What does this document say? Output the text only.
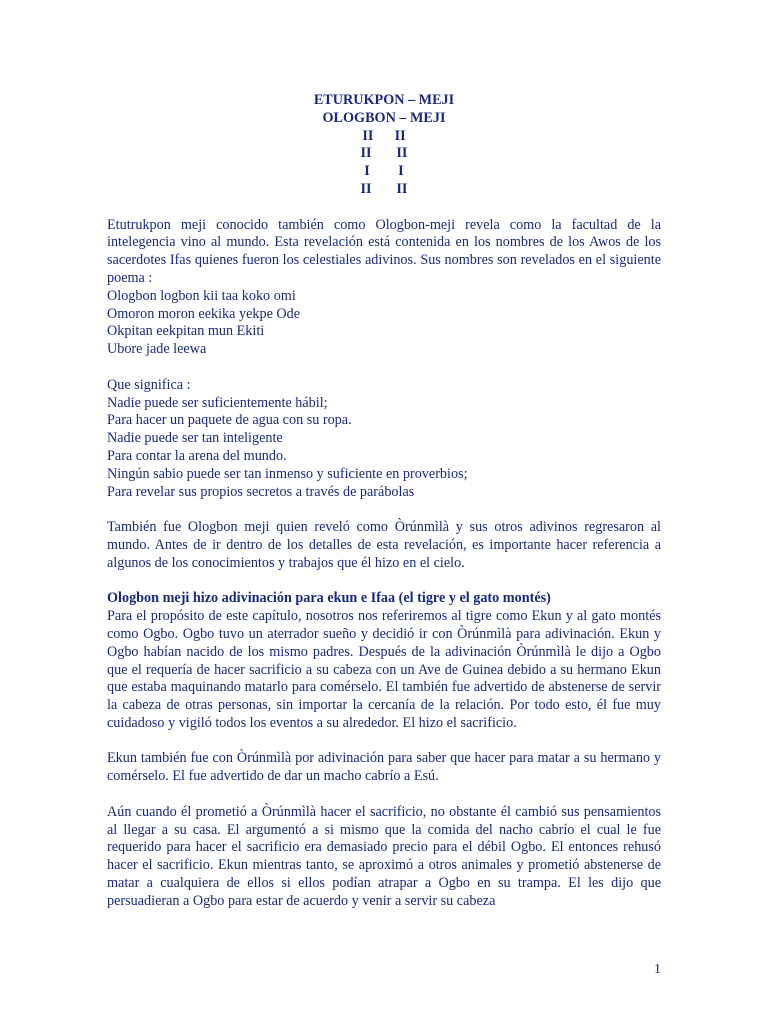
ETURUKPON – MEJI

OLOGBON – MEJI

II      II

II       II

I        I

II       II

Etutrukpon meji conocido también como Ologbon-meji revela como la facultad de la intelegencia vino al mundo. Esta revelación está contenida en los nombres de los Awos de los sacerdotes Ifas quienes fueron los celestiales adivinos. Sus nombres son revelados en el siguiente poema :

Ologbon logbon kii taa koko omi

Omoron moron eekika yekpe Ode

Okpitan eekpitan mun Ekiti

Ubore jade leewa

Que significa :

Nadie puede ser suficientemente hábil;

Para hacer un paquete de agua con su ropa.

Nadie puede ser tan inteligente

Para contar la arena del mundo.

Ningún sabio puede ser tan inmenso y suficiente en proverbios;

Para revelar sus propios secretos a través de parábolas

También fue Ologbon meji quien reveló como Òrúnmìlà y sus otros adivinos regresaron al mundo. Antes de ir dentro de los detalles de esta revelación, es importante hacer referencia a algunos de los conocimientos y trabajos que él hizo en el cielo.

Ologbon meji hizo adivinación para ekun e Ifaa (el tigre y el gato montés)

Para el propósito de este capítulo, nosotros nos referiremos al tigre como Ekun y al gato montés como Ogbo. Ogbo tuvo un aterrador sueño y decidió ir con Òrúnmìlà para adivinación. Ekun y Ogbo habían nacido de los mismo padres. Después de la adivinación Òrúnmìlà le dijo a Ogbo que el requería de hacer sacrificio a su cabeza con un Ave de Guinea debido a su hermano Ekun que estaba maquinando matarlo para comérselo. El también fue advertido de abstenerse de servir la cabeza de otras personas, sin importar la cercanía de la relación. Por todo esto, él fue muy cuidadoso y vigiló todos los eventos a su alrededor. El hizo el sacrificio.

Ekun también fue con Òrúnmìlà por adivinación para saber que hacer para matar a su hermano y comérselo. El fue advertido de dar un macho cabrío a Esú.

Aún cuando él prometió a Òrúnmìlà hacer el sacrificio, no obstante él cambió sus pensamientos al llegar a su casa. El argumentó a si mismo que la comida del nacho cabrío el cual le fue requerido para hacer el sacrificio era demasiado precio para el débil Ogbo. El entonces rehusó hacer el sacrificio. Ekun mientras tanto, se aproximó a otros animales y prometió abstenerse de matar a cualquiera de ellos si ellos podían atrapar a Ogbo en su trampa. El les dijo que persuadieran a Ogbo para estar de acuerdo y venir a servir su cabeza

1
